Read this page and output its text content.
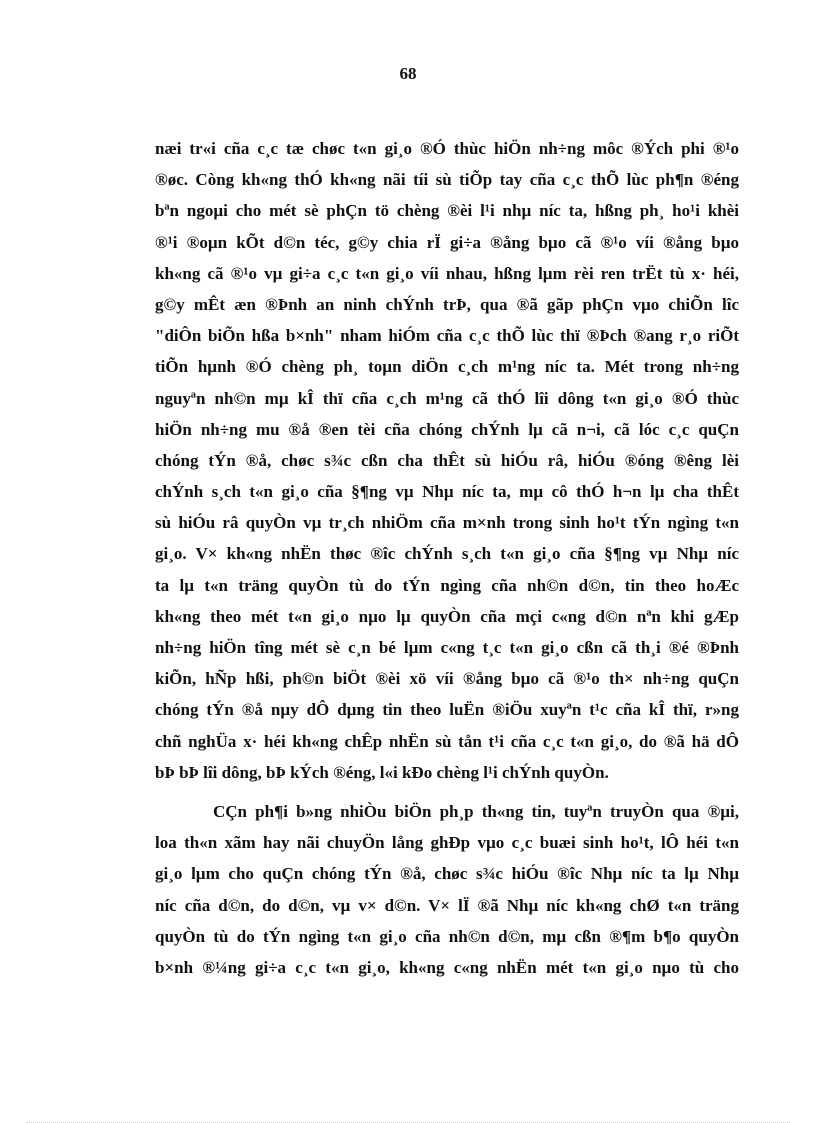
68
næi tr«i cña c¸c tæ chøc t«n gi¸o ®Ó thùc hiÖn nh÷ng môc ®Ých phi ®¹o
®øc. Còng kh«ng thÓ kh«ng nãi tíi sù tiÕp tay cña c¸c thÕ lùc ph¶n ®éng
bªn ngoµi cho mét sè phÇn tö chèng ®èi l¹i nhµ níc ta, hßng ph¸ ho¹i khèi
®¹i ®oµn kÕt d©n téc, g©y chia rÏ gi÷a ®ång bµo cã ®¹o víi ®ång bµo
kh«ng cã ®¹o vµ gi÷a c¸c t«n gi¸o víi nhau, hßng lµm rèi ren trËt tù x· héi,
g©y mÊt æn ®Þnh an ninh chÝnh trÞ, qua ®ã gãp phÇn vµo chiÕn lîc
"diÔn biÕn hßa b×nh" nham hiÓm cña c¸c thÕ lùc thï ®Þch ®ang r¸o riÕt
tiÕn hµnh ®Ó chèng ph¸ toµn diÖn c¸ch m¹ng níc ta. Mét trong nh÷ng
nguyªn nh©n mµ kÎ thï cña c¸ch m¹ng cã thÓ lîi dông t«n gi¸o ®Ó thùc
hiÖn nh÷ng mu ®å ®en tèi cña chóng chÝnh lµ cã n¬i, cã lóc c¸c quÇn
chóng tÝn ®å, chøc s¾c cßn cha thÊt sù hiÓu râ, hiÓu ®óng ®êng lèi
chÝnh s¸ch t«n gi¸o cña §¶ng vµ Nhµ níc ta, mµ cô thÓ h¬n lµ cha thÊt
sù hiÓu râ quyÒn vµ tr¸ch nhiÖm cña m×nh trong sinh ho¹t tÝn ngìng t«n
gi¸o. V× kh«ng nhËn thøc ®îc chÝnh s¸ch t«n gi¸o cña §¶ng vµ Nhµ níc
ta lµ t«n träng quyÒn tù do tÝn ngìng cña nh©n d©n, tin theo hoÆc
kh«ng theo mét t«n gi¸o nµo lµ quyÒn cña mçi c«ng d©n nªn khi gÆp
nh÷ng hiÖn tîng mét sè c¸n bé lµm c«ng t¸c t«n gi¸o cßn cã th¸i ®é ®Þnh
kiÕn, hÑp hßi, ph©n biÖt ®èi xö víi ®ång bµo cã ®¹o th× nh÷ng quÇn
chóng tÝn ®å nµy dÔ dµng tin theo luËn ®iÖu xuyªn t¹c cña kÎ thï, r»ng
chñ nghÜa x· héi kh«ng chÊp nhËn sù tån t¹i cña c¸c t«n gi¸o, do ®ã hä dÔ
bÞ bÞ lîi dông, bÞ kÝch ®éng, l«i kÐo chèng l¹i chÝnh quyÒn.
CÇn ph¶i b»ng nhiÒu biÖn ph¸p th«ng tin, tuyªn truyÒn qua ®µi,
loa th«n xãm hay nãi chuyÖn lång ghÐp vµo c¸c buæi sinh ho¹t, lÔ héi t«n
gi¸o lµm cho quÇn chóng tÝn ®å, chøc s¾c hiÓu ®îc Nhµ níc ta lµ Nhµ
níc cña d©n, do d©n, vµ v× d©n. V× lÏ ®ã Nhµ níc kh«ng chØ t«n träng
quyÒn tù do tÝn ngìng t«n gi¸o cña nh©n d©n, mµ cßn ®¶m b¶o quyÒn
b×nh ®¼ng gi÷a c¸c t«n gi¸o, kh«ng c«ng nhËn mét t«n gi¸o nµo tù cho
